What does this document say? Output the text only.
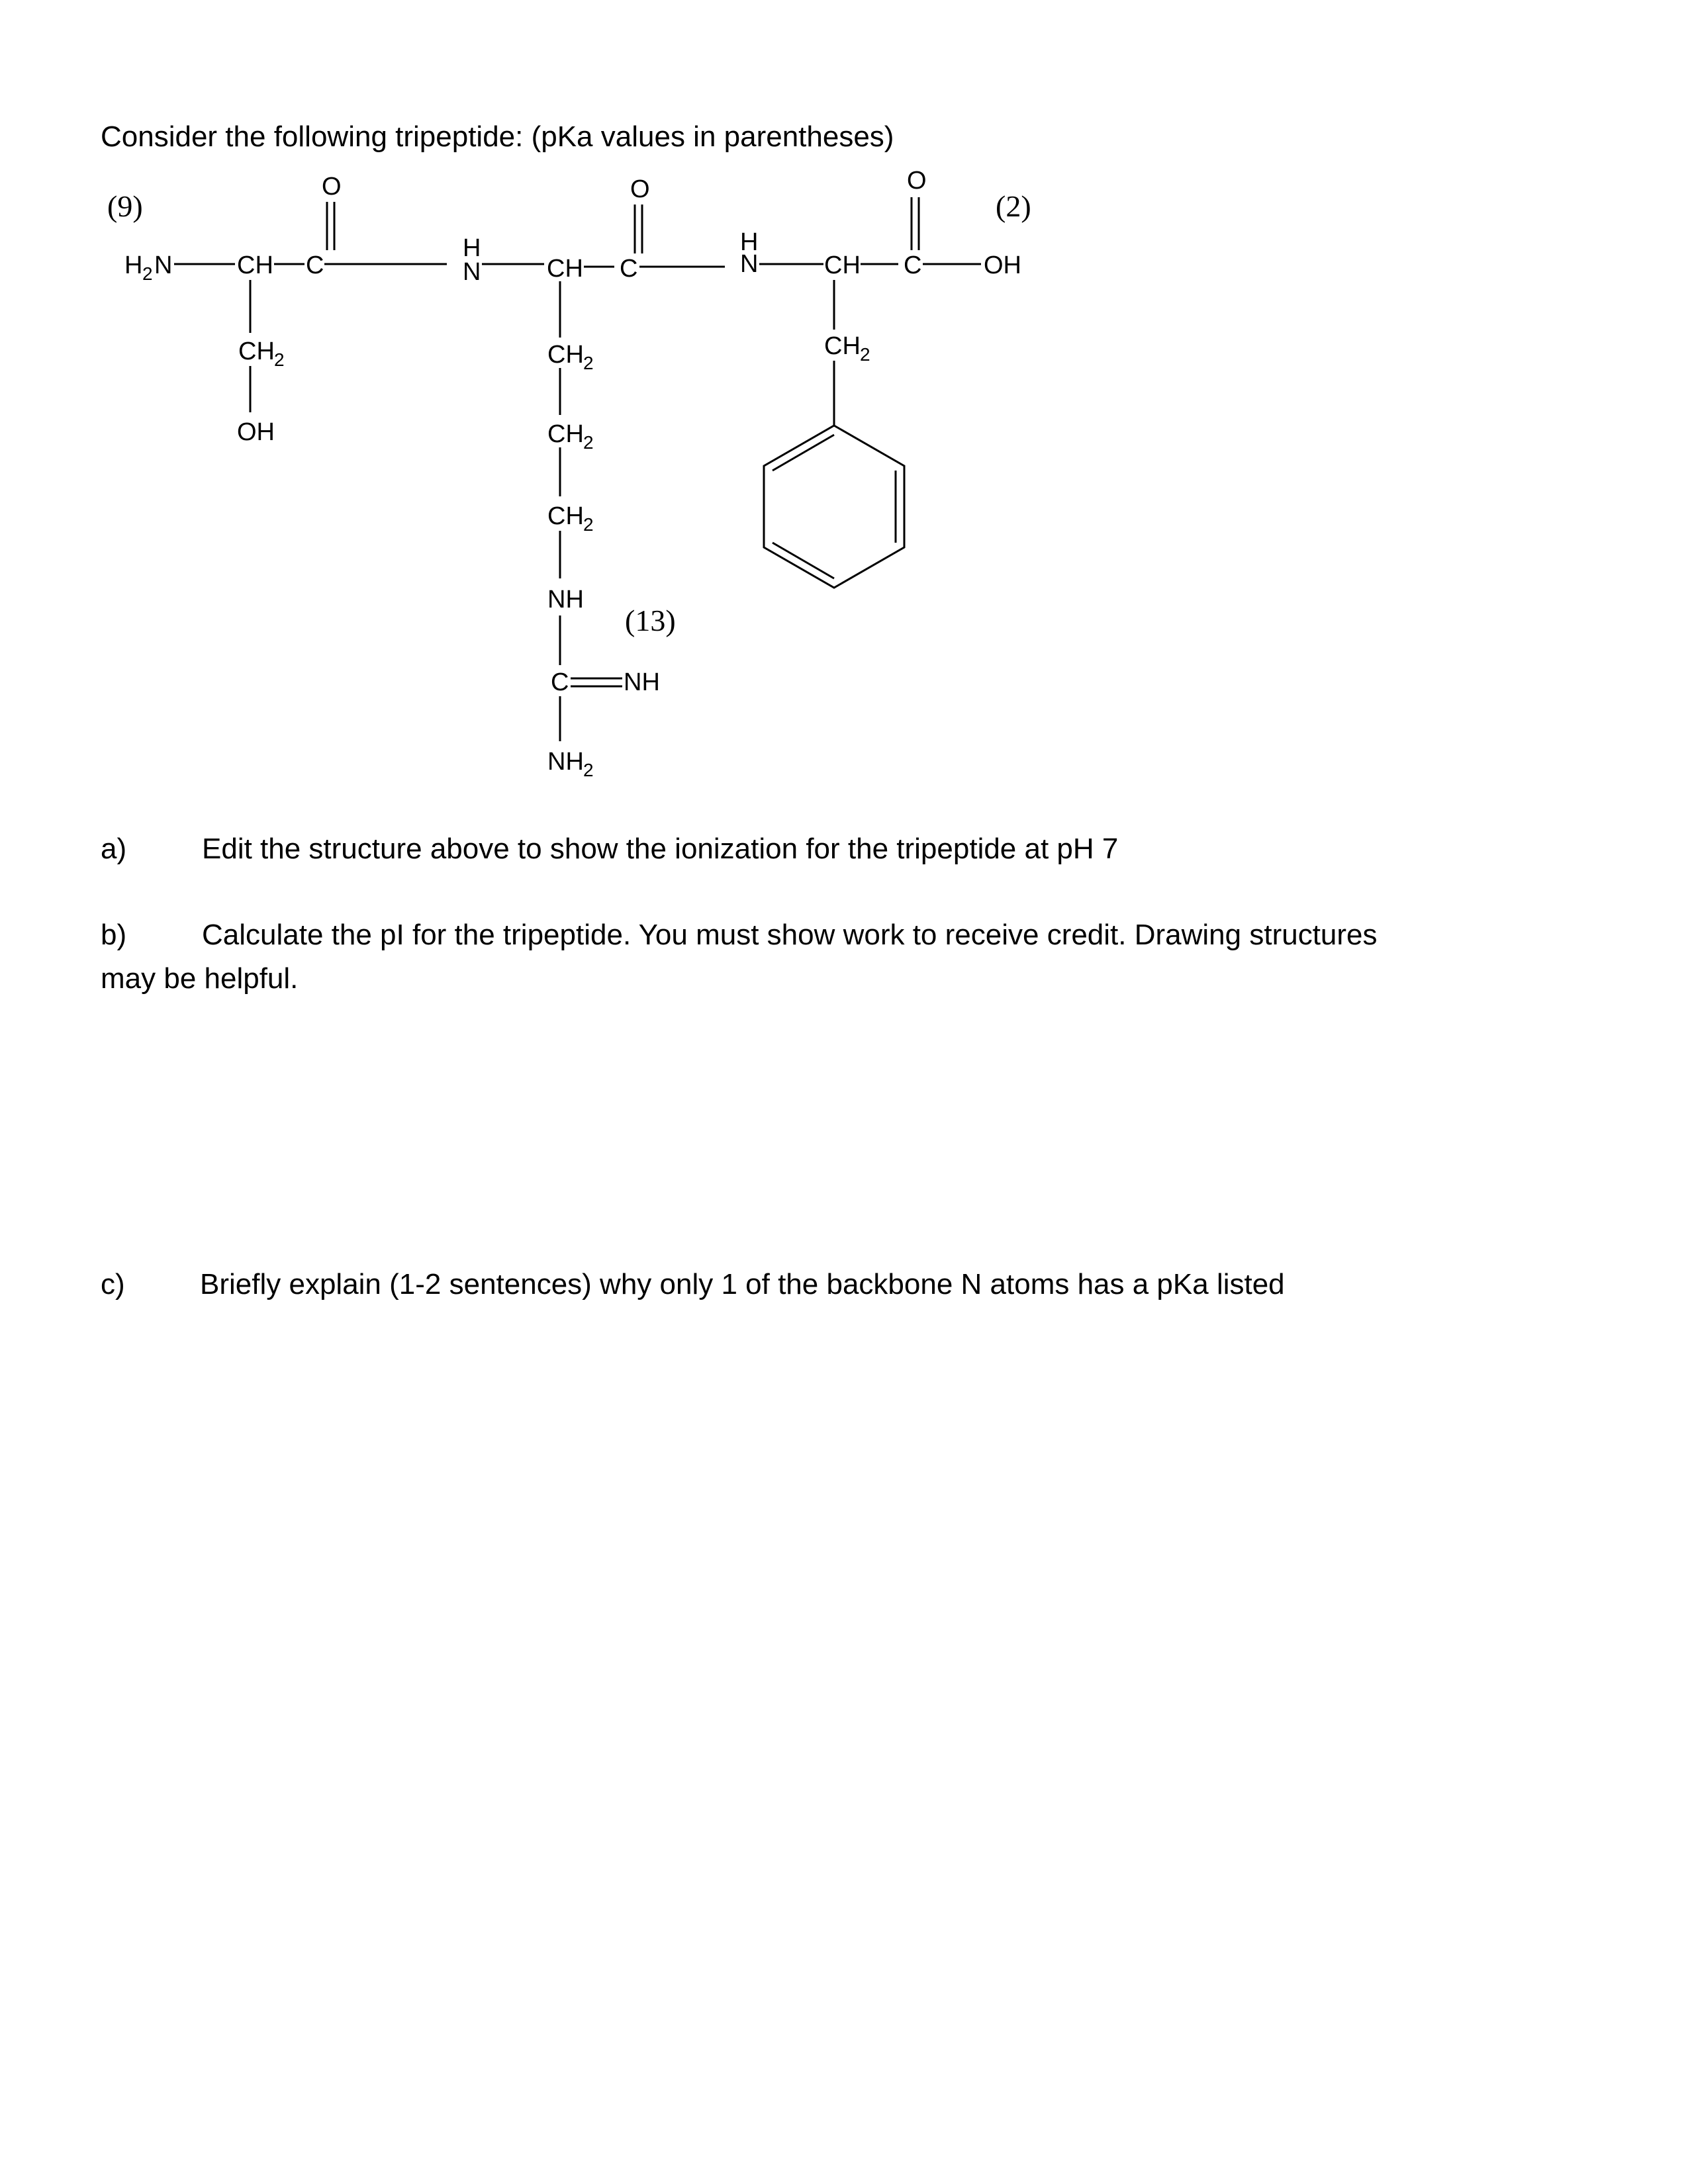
Consider the following tripeptide: (pKa values in parentheses)

(9)	(2)
(13)
H 2 N	CH C
O
H
N	CH C
O
H
N	CH C OH
O
CH 2
OH
CH 2
CH 2
CH 2
NH
C NH
NH 2
CH 2

a)	Edit the structure above to show the ionization for the tripeptide at pH 7

b)	Calculate the pI for the tripeptide. You must show work to receive credit. Drawing structures

may be helpful.

c)	Briefly explain (1-2 sentences) why only 1 of the backbone N atoms has a pKa listed
